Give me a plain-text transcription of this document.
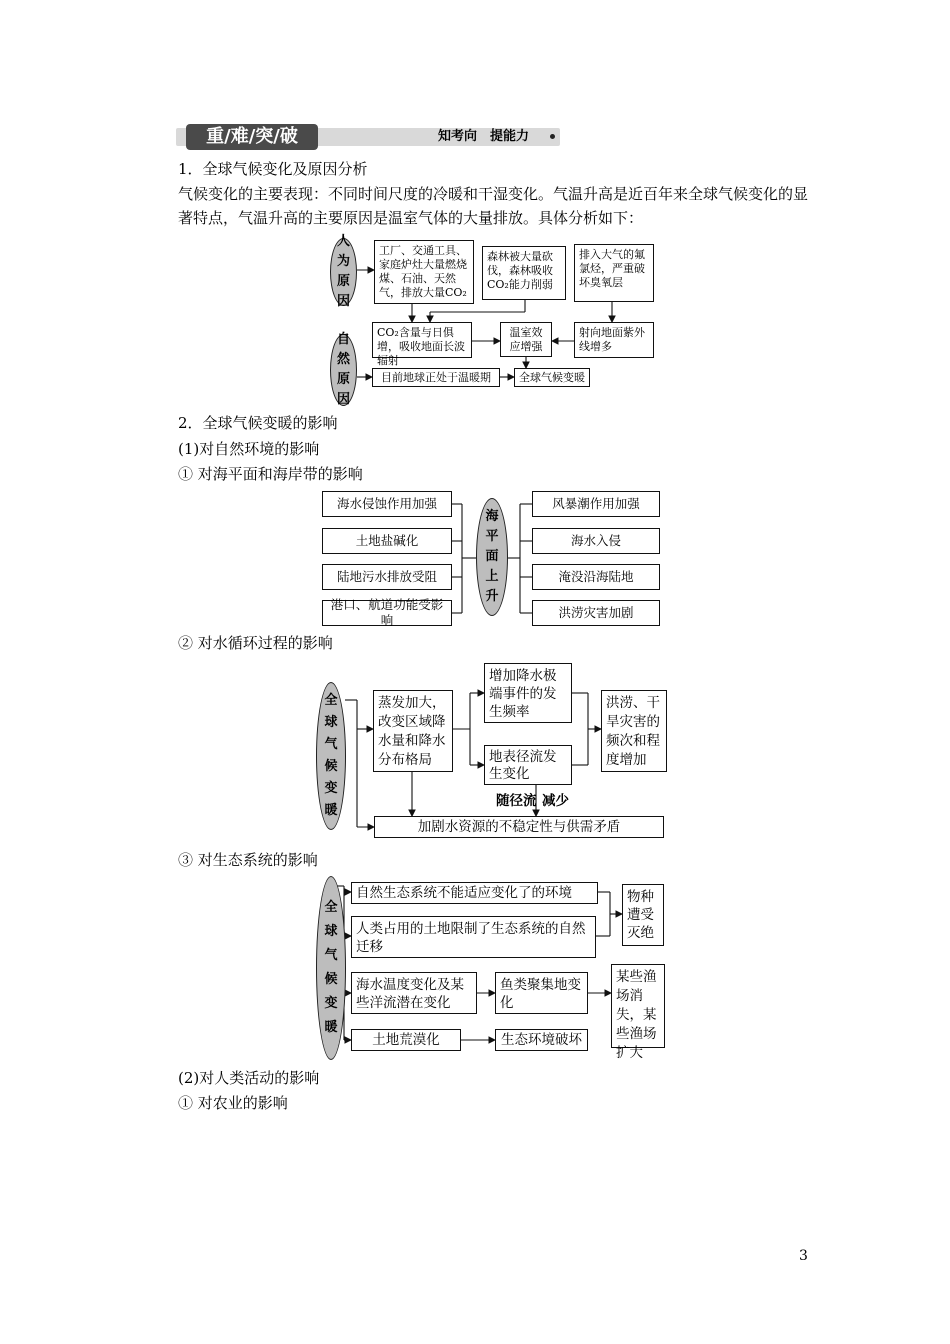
重/难/突/破	知考向　提能力
1．全球气候变化及原因分析
气候变化的主要表现：不同时间尺度的冷暖和干湿变化。气温升高是近百年来全球气候变化的显著特点，气温升高的主要原因是温室气体的大量排放。具体分析如下：
人为原因
自然原因
工厂、交通工具、家庭炉灶大量燃烧煤、石油、天然气，排放大量CO₂
森林被大量砍伐，森林吸收CO₂能力削弱
排入大气的氟氯烃，严重破坏臭氧层
CO₂含量与日俱增，吸收地面长波辐射
温室效应增强
射向地面紫外线增多
目前地球正处于温暖期	全球气候变暖
2．全球气候变暖的影响
(1)对自然环境的影响
① 对海平面和海岸带的影响
海平面上升
海水侵蚀作用加强
土地盐碱化
陆地污水排放受阻
港口、航道功能受影响
风暴潮作用加强
海水入侵
淹没沿海陆地
洪涝灾害加剧
② 对水循环过程的影响
全球气候变暖
蒸发加大，改变区域降水量和降水分布格局
增加降水极端事件的发生频率
地表径流发生变化
洪涝、干旱灾害的频次和程度增加
随径流 减少
加剧水资源的不稳定性与供需矛盾
③ 对生态系统的影响
全球气候变暖
自然生态系统不能适应变化了的环境
人类占用的土地限制了生态系统的自然迁移
物种遭受灭绝
海水温度变化及某些洋流潜在变化
鱼类聚集地变化
某些渔场消失，某些渔场扩大
土地荒漠化	生态环境破坏
(2)对人类活动的影响
① 对农业的影响
3
